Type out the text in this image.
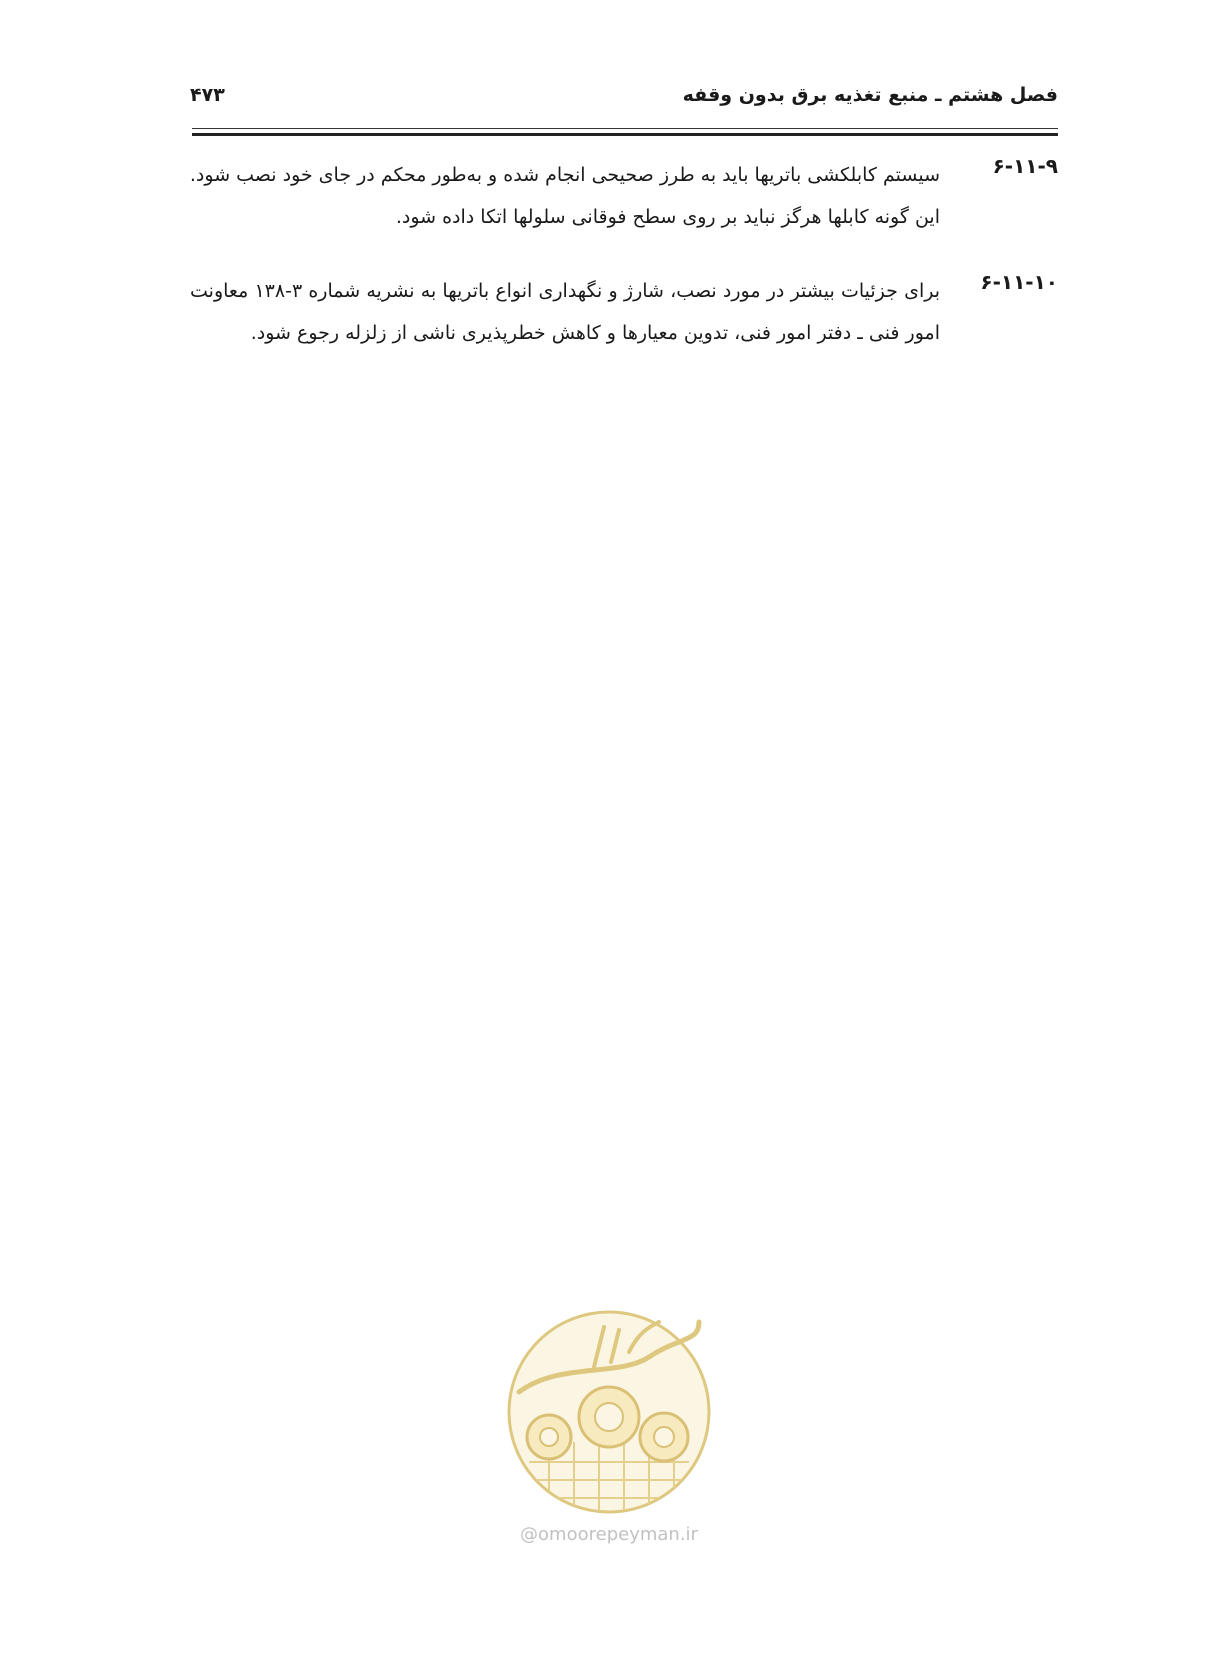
فصل هشتم ـ منبع تغذیه برق بدون وقفه
۴۷۳
۶-۱۱-۹
سیستم کابلکشی باتریها باید به طرز صحیحی انجام شده و به‌طور محکم در جای خود نصب شود.
این گونه کابلها هرگز نباید بر روی سطح فوقانی سلولها اتکا داده شود.
۶-۱۱-۱۰
برای جزئیات بیشتر در مورد نصب، شارژ و نگهداری انواع باتریها به نشریه شماره ۳-۱۳۸ معاونت
امور فنی ـ دفتر امور فنی، تدوین معیارها و کاهش خطرپذیری ناشی از زلزله رجوع شود.
@omoorepeyman.ir
